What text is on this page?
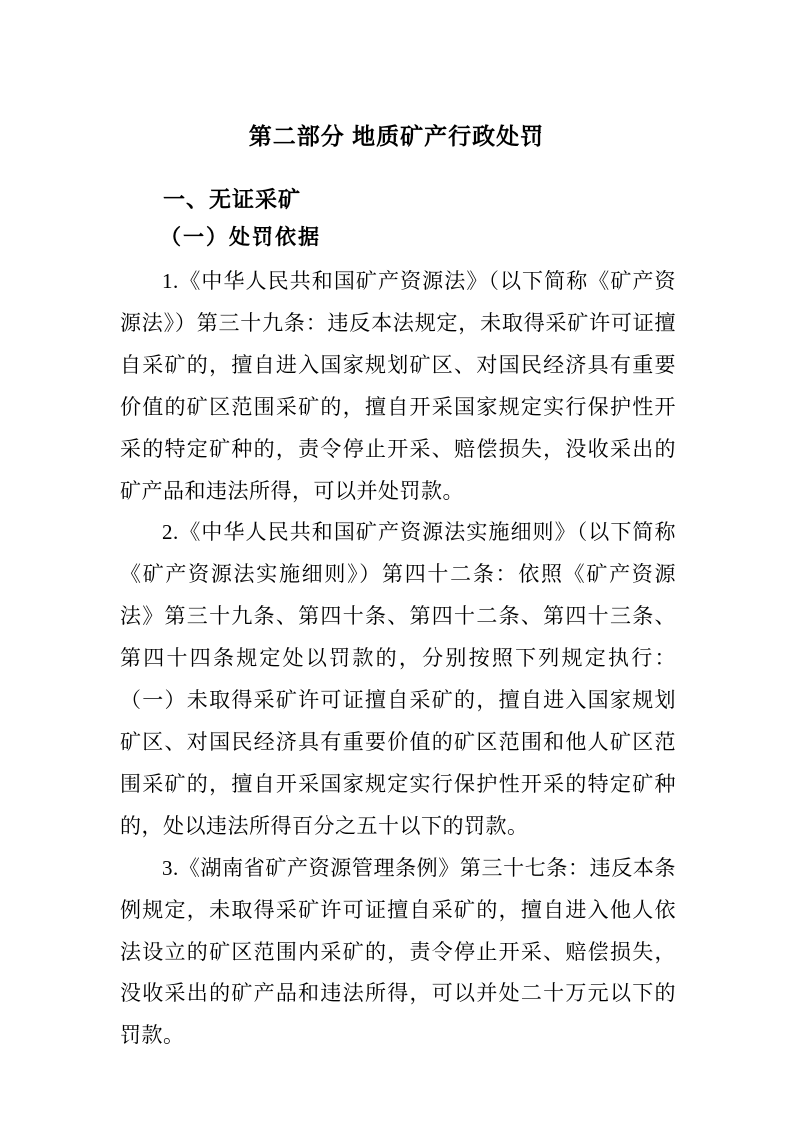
第二部分 地质矿产行政处罚
一、无证采矿
（一）处罚依据

1.《中华人民共和国矿产资源法》（以下简称《矿产资源法》）第三十九条：违反本法规定，未取得采矿许可证擅自采矿的，擅自进入国家规划矿区、对国民经济具有重要价值的矿区范围采矿的，擅自开采国家规定实行保护性开采的特定矿种的，责令停止开采、赔偿损失，没收采出的矿产品和违法所得，可以并处罚款。

2.《中华人民共和国矿产资源法实施细则》（以下简称《矿产资源法实施细则》）第四十二条：依照《矿产资源法》第三十九条、第四十条、第四十二条、第四十三条、第四十四条规定处以罚款的，分别按照下列规定执行：（一）未取得采矿许可证擅自采矿的，擅自进入国家规划矿区、对国民经济具有重要价值的矿区范围和他人矿区范围采矿的，擅自开采国家规定实行保护性开采的特定矿种的，处以违法所得百分之五十以下的罚款。

3.《湖南省矿产资源管理条例》第三十七条：违反本条例规定，未取得采矿许可证擅自采矿的，擅自进入他人依法设立的矿区范围内采矿的，责令停止开采、赔偿损失，没收采出的矿产品和违法所得，可以并处二十万元以下的罚款。
